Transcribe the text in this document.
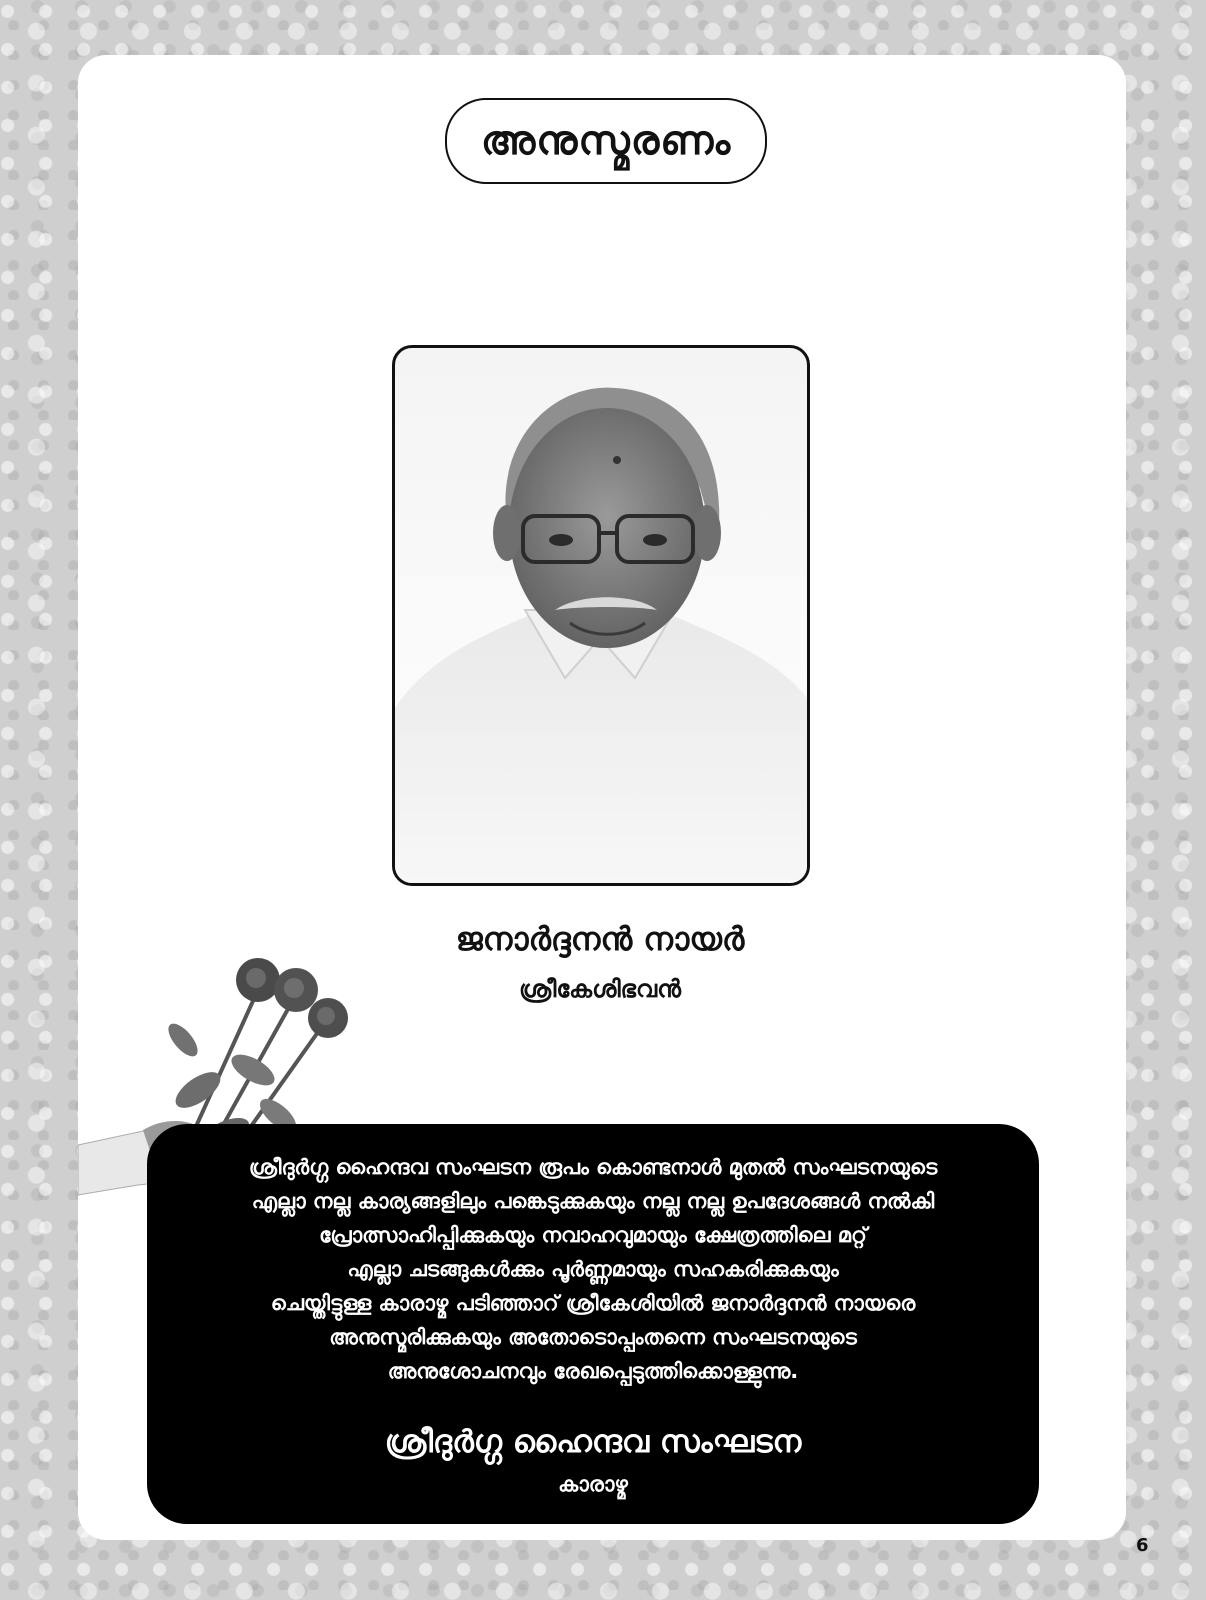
അനുസ്മരണം
ജനാർദ്ദനൻ നായർ
ശ്രീകേശിഭവൻ

ശ്രീദുർഗ്ഗ ഹൈന്ദവ സംഘടന രൂപം കൊണ്ടനാൾ മുതൽ സംഘടനയുടെ
എല്ലാ നല്ല കാര്യങ്ങളിലും പങ്കെടുക്കുകയും നല്ല നല്ല ഉപദേശങ്ങൾ നൽകി
പ്രോത്സാഹിപ്പിക്കുകയും നവാഹവുമായും ക്ഷേത്രത്തിലെ മറ്റ്
എല്ലാ ചടങ്ങുകൾക്കും പൂർണ്ണമായും സഹകരിക്കുകയും
ചെയ്തിട്ടുള്ള കാരാഴ്മ പടിഞ്ഞാറ് ശ്രീകേശിയിൽ ജനാർദ്ദനൻ നായരെ
അനുസ്മരിക്കുകയും അതോടൊപ്പംതന്നെ സംഘടനയുടെ
അനുശോചനവും രേഖപ്പെടുത്തിക്കൊള്ളുന്നു.

ശ്രീദുർഗ്ഗ ഹൈന്ദവ സംഘടന
കാരാഴ്മ
6
